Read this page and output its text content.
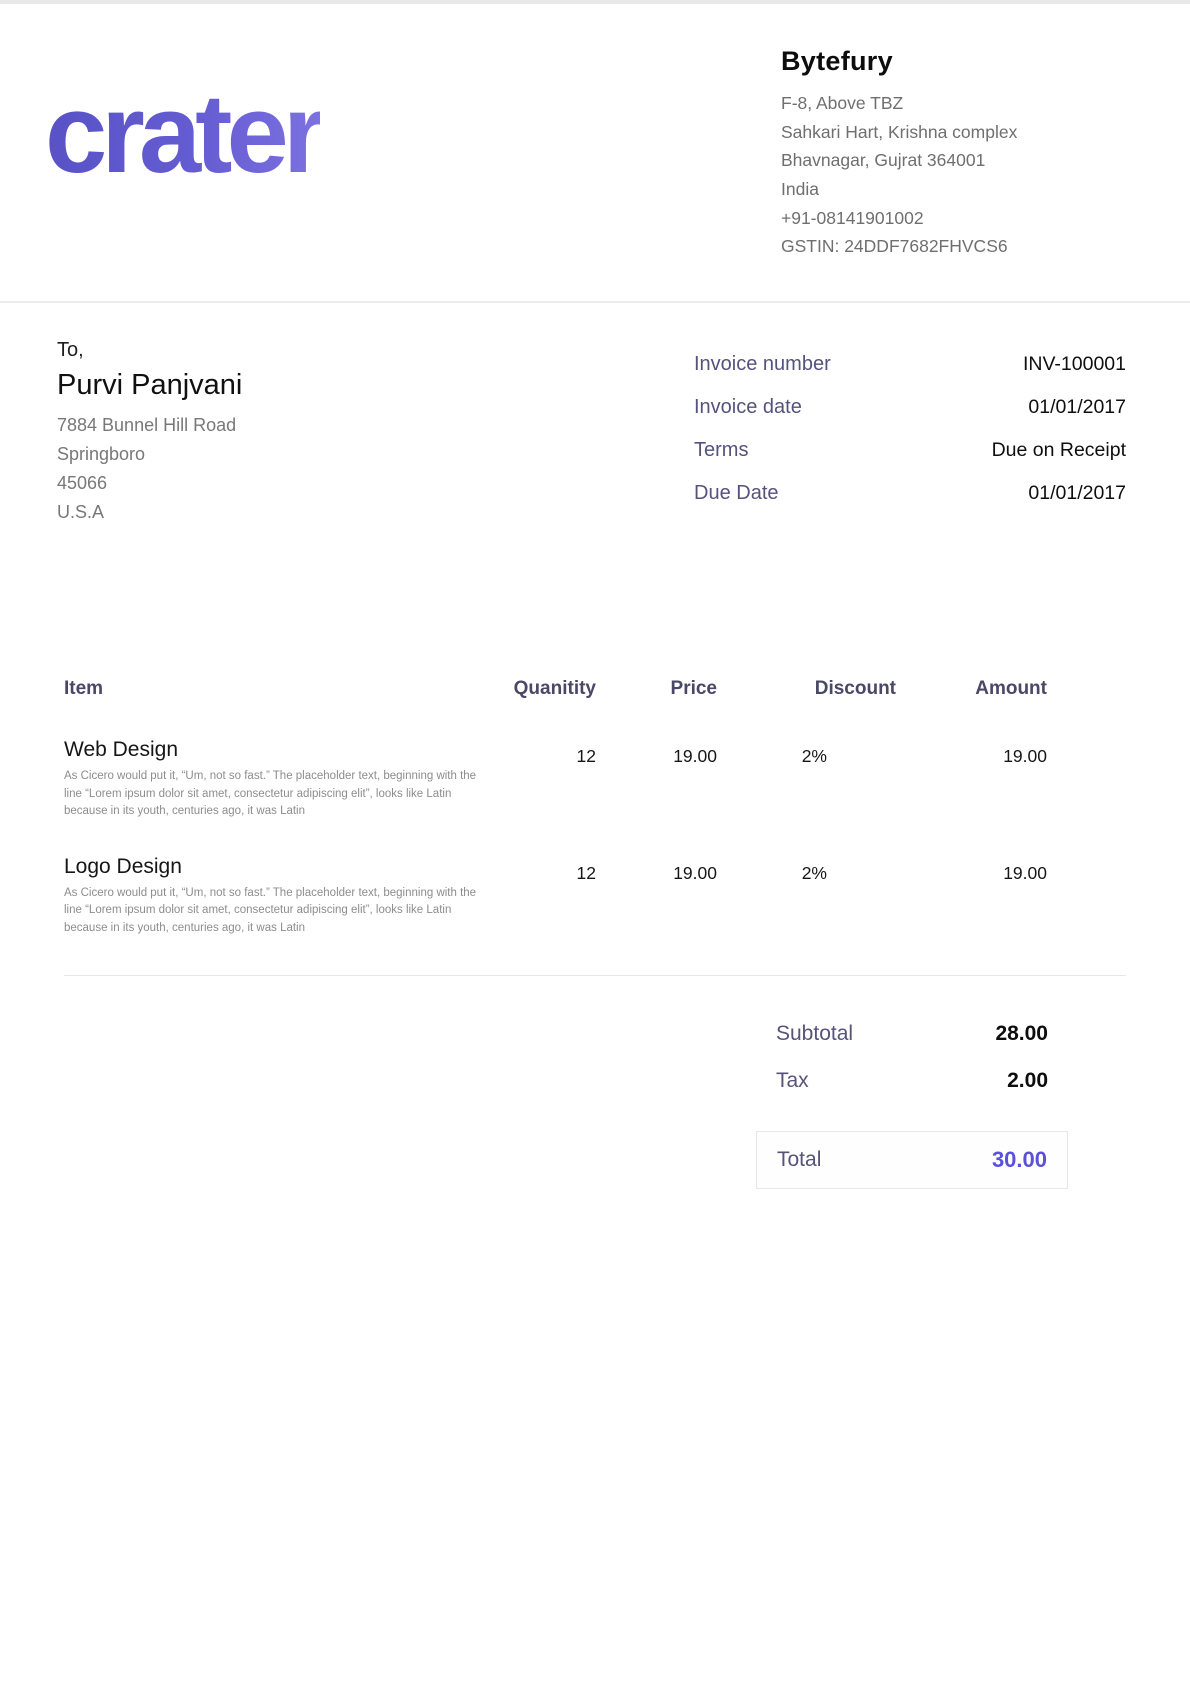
crater
Bytefury
F-8, Above TBZ
Sahkari Hart, Krishna complex
Bhavnagar, Gujrat 364001
India
+91-08141901002
GSTIN: 24DDF7682FHVCS6
To,
Purvi Panjvani
7884 Bunnel Hill Road
Springboro
45066
U.S.A
Invoice number	INV-100001
Invoice date	01/01/2017
Terms	Due on Receipt
Due Date	01/01/2017
Item	Quanitity	Price	Discount	Amount

Web Design
As Cicero would put it, “Um, not so fast.” The placeholder text, beginning with the line “Lorem ipsum dolor sit amet, consectetur adipiscing elit”, looks like Latin because in its youth, centuries ago, it was Latin	12	19.00	2%	19.00

Logo Design
As Cicero would put it, “Um, not so fast.” The placeholder text, beginning with the line “Lorem ipsum dolor sit amet, consectetur adipiscing elit”, looks like Latin because in its youth, centuries ago, it was Latin	12	19.00	2%	19.00
Subtotal	28.00
Tax	2.00
Total	30.00
